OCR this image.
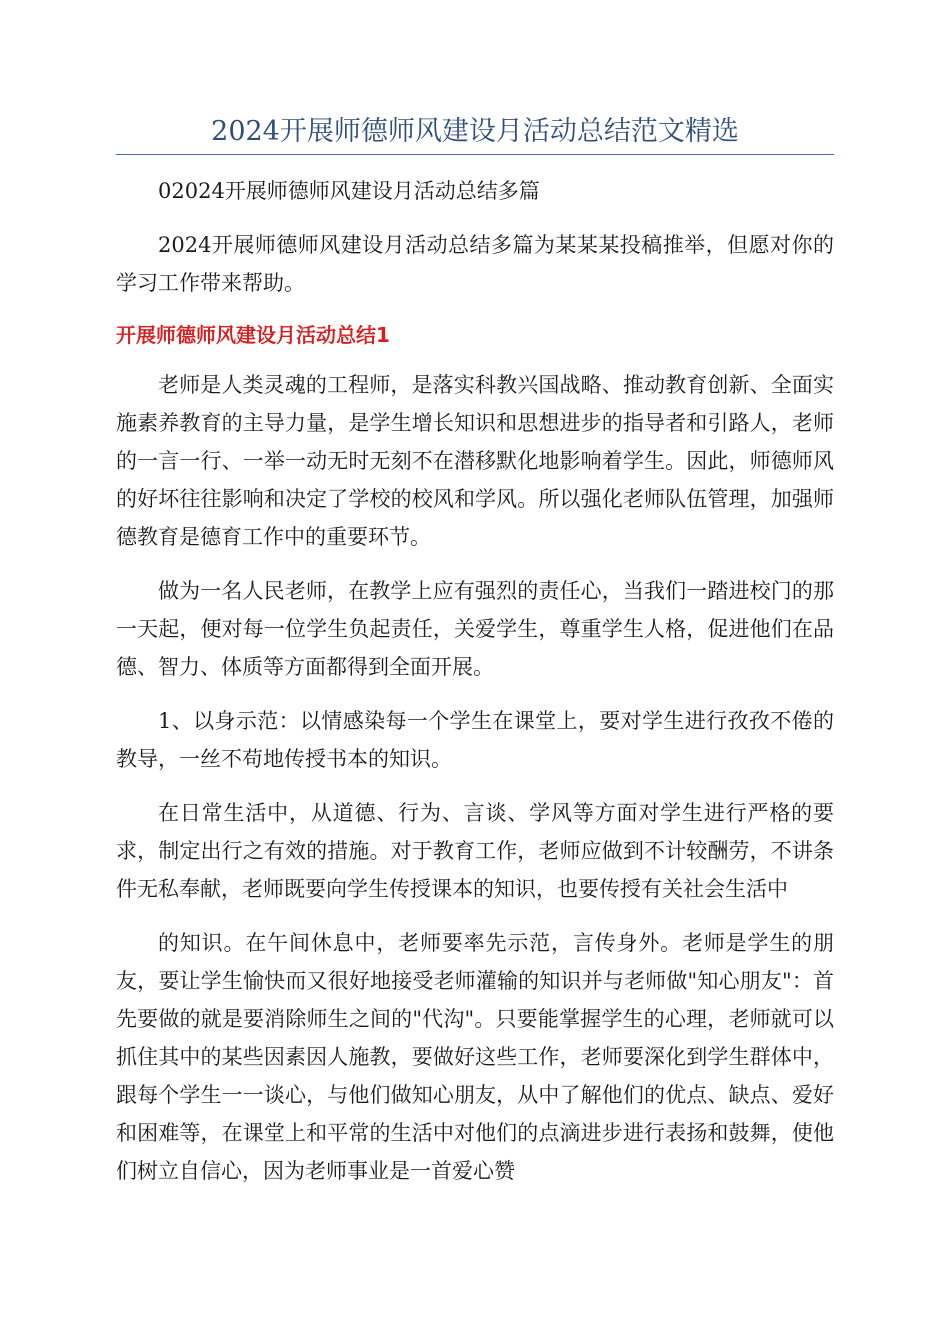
2024开展师德师风建设月活动总结范文精选

02024开展师德师风建设月活动总结多篇

2024开展师德师风建设月活动总结多篇为某某某投稿推举，但愿对你的学习工作带来帮助。

开展师德师风建设月活动总结1

老师是人类灵魂的工程师，是落实科教兴国战略、推动教育创新、全面实施素养教育的主导力量，是学生增长知识和思想进步的指导者和引路人，老师的一言一行、一举一动无时无刻不在潜移默化地影响着学生。因此，师德师风的好坏往往影响和决定了学校的校风和学风。所以强化老师队伍管理，加强师德教育是德育工作中的重要环节。

做为一名人民老师，在教学上应有强烈的责任心，当我们一踏进校门的那一天起，便对每一位学生负起责任，关爱学生，尊重学生人格，促进他们在品德、智力、体质等方面都得到全面开展。

1、以身示范：以情感染每一个学生在课堂上，要对学生进行孜孜不倦的教导，一丝不苟地传授书本的知识。

在日常生活中，从道德、行为、言谈、学风等方面对学生进行严格的要求，制定出行之有效的措施。对于教育工作，老师应做到不计较酬劳，不讲条件无私奉献，老师既要向学生传授课本的知识，也要传授有关社会生活中

的知识。在午间休息中，老师要率先示范，言传身外。老师是学生的朋友，要让学生愉快而又很好地接受老师灌输的知识并与老师做"知心朋友"：首先要做的就是要消除师生之间的"代沟"。只要能掌握学生的心理，老师就可以抓住其中的某些因素因人施教，要做好这些工作，老师要深化到学生群体中，跟每个学生一一谈心，与他们做知心朋友，从中了解他们的优点、缺点、爱好和困难等，在课堂上和平常的生活中对他们的点滴进步进行表扬和鼓舞，使他们树立自信心，因为老师事业是一首爱心赞
